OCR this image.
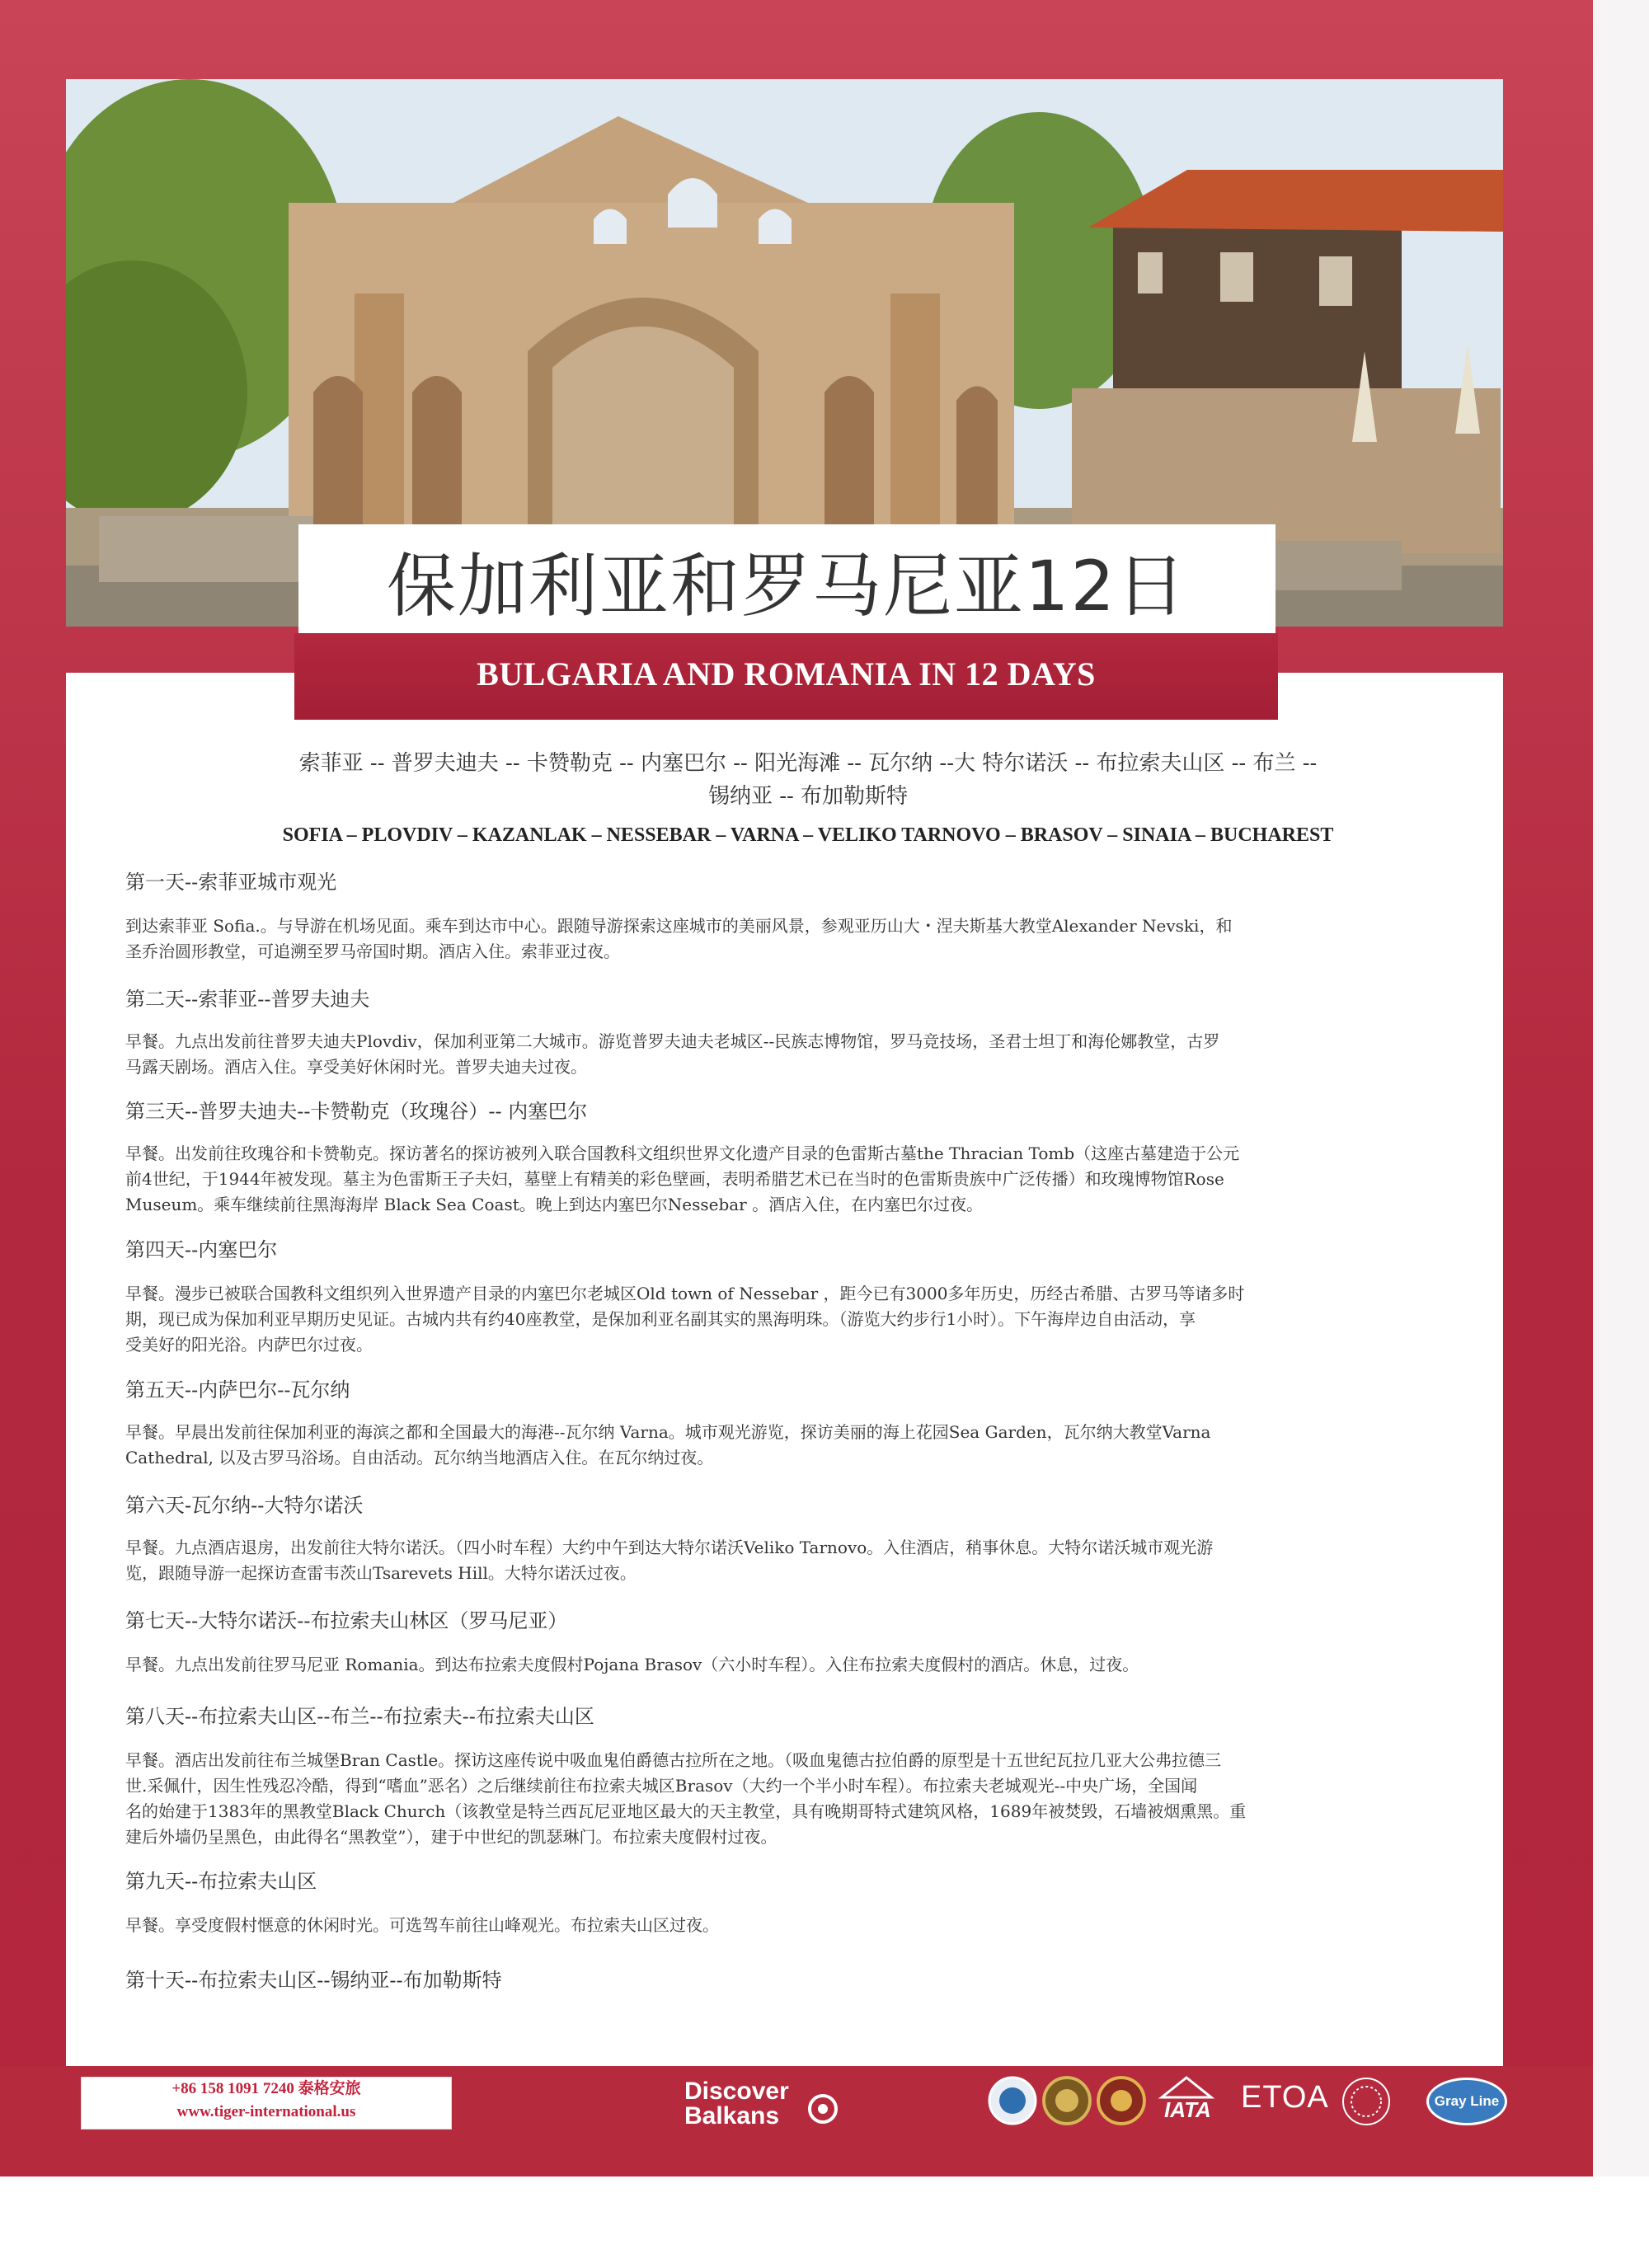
索菲亚 -- 普罗夫迪夫 -- 卡赞勒克 -- 内塞巴尔 -- 阳光海滩 -- 瓦尔纳 --大 特尔诺沃 -- 布拉索夫山区 -- 布兰 --
锡纳亚 -- 布加勒斯特
SOFIA – PLOVDIV – KAZANLAK – NESSEBAR – VARNA – VELIKO TARNOVO – BRASOV – SINAIA – BUCHAREST
第一天--索菲亚城市观光
到达索菲亚 Sofia.。与导游在机场见面。乘车到达市中心。跟随导游探索这座城市的美丽风景，参观亚历山大・涅夫斯基大教堂Alexander Nevski，和
圣乔治圆形教堂，可追溯至罗马帝国时期。酒店入住。索菲亚过夜。
第二天--索菲亚--普罗夫迪夫
早餐。九点出发前往普罗夫迪夫Plovdiv，保加利亚第二大城市。游览普罗夫迪夫老城区--民族志博物馆，罗马竞技场，圣君士坦丁和海伦娜教堂，古罗
马露天剧场。酒店入住。享受美好休闲时光。普罗夫迪夫过夜。
第三天--普罗夫迪夫--卡赞勒克（玫瑰谷）-- 内塞巴尔
早餐。出发前往玫瑰谷和卡赞勒克。探访著名的探访被列入联合国教科文组织世界文化遗产目录的色雷斯古墓the Thracian Tomb（这座古墓建造于公元
前4世纪，于1944年被发现。墓主为色雷斯王子夫妇，墓壁上有精美的彩色壁画，表明希腊艺术已在当时的色雷斯贵族中广泛传播）和玫瑰博物馆Rose
Museum。乘车继续前往黑海海岸 Black Sea Coast。晚上到达内塞巴尔Nessebar 。酒店入住，在内塞巴尔过夜。
第四天--内塞巴尔
早餐。漫步已被联合国教科文组织列入世界遗产目录的内塞巴尔老城区Old town of Nessebar ，距今已有3000多年历史，历经古希腊、古罗马等诸多时
期，现已成为保加利亚早期历史见证。古城内共有约40座教堂，是保加利亚名副其实的黑海明珠。（游览大约步行1小时）。下午海岸边自由活动，享
受美好的阳光浴。内萨巴尔过夜。
第五天--内萨巴尔--瓦尔纳
早餐。早晨出发前往保加利亚的海滨之都和全国最大的海港--瓦尔纳 Varna。城市观光游览，探访美丽的海上花园Sea Garden，瓦尔纳大教堂Varna
Cathedral, 以及古罗马浴场。自由活动。瓦尔纳当地酒店入住。在瓦尔纳过夜。
第六天-瓦尔纳--大特尔诺沃
早餐。九点酒店退房，出发前往大特尔诺沃。（四小时车程）大约中午到达大特尔诺沃Veliko Tarnovo。入住酒店，稍事休息。大特尔诺沃城市观光游
览，跟随导游一起探访查雷韦茨山Tsarevets Hill。大特尔诺沃过夜。
第七天--大特尔诺沃--布拉索夫山林区（罗马尼亚）
早餐。九点出发前往罗马尼亚 Romania。到达布拉索夫度假村Pojana Brasov（六小时车程）。入住布拉索夫度假村的酒店。休息，过夜。
第八天--布拉索夫山区--布兰--布拉索夫--布拉索夫山区
早餐。酒店出发前往布兰城堡Bran Castle。探访这座传说中吸血鬼伯爵德古拉所在之地。（吸血鬼德古拉伯爵的原型是十五世纪瓦拉几亚大公弗拉德三
世.采佩什，因生性残忍冷酷，得到“嗜血”恶名）之后继续前往布拉索夫城区Brasov（大约一个半小时车程）。布拉索夫老城观光--中央广场，全国闻
名的始建于1383年的黑教堂Black Church（该教堂是特兰西瓦尼亚地区最大的天主教堂，具有晚期哥特式建筑风格，1689年被焚毁，石墙被烟熏黑。重
建后外墙仍呈黑色，由此得名“黑教堂”），建于中世纪的凯瑟琳门。布拉索夫度假村过夜。
第九天--布拉索夫山区
早餐。享受度假村惬意的休闲时光。可选驾车前往山峰观光。布拉索夫山区过夜。
第十天--布拉索夫山区--锡纳亚--布加勒斯特
保加利亚和罗马尼亚12日
BULGARIA AND ROMANIA IN 12 DAYS
+86 158 1091 7240 泰格安旅
www.tiger-international.us
Discover
Balkans	IATA ETOA	Gray Line
